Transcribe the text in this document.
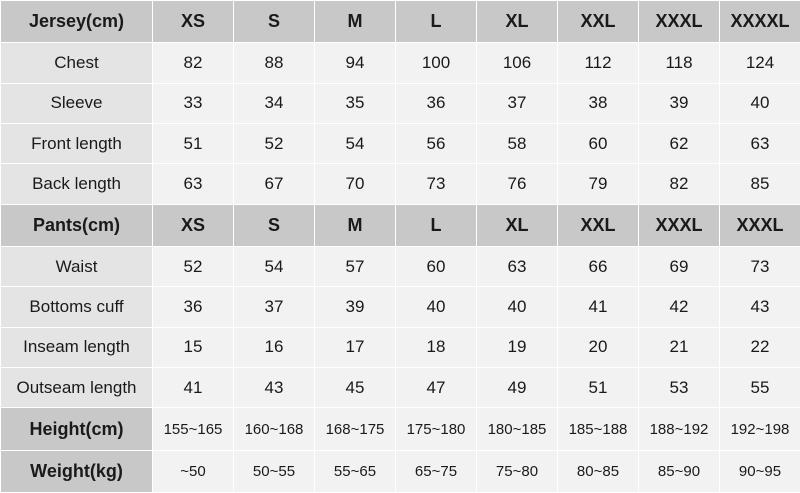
Jersey(cm)	XS	S	M	L	XL	XXL	XXXL	XXXXL
Chest	82	88	94	100	106	112	118	124
Sleeve	33	34	35	36	37	38	39	40
Front length	51	52	54	56	58	60	62	63
Back length	63	67	70	73	76	79	82	85
Pants(cm)	XS	S	M	L	XL	XXL	XXXL	XXXL
Waist	52	54	57	60	63	66	69	73
Bottoms cuff	36	37	39	40	40	41	42	43
Inseam length	15	16	17	18	19	20	21	22
Outseam length	41	43	45	47	49	51	53	55
Height(cm)	155~165	160~168	168~175	175~180	180~185	185~188	188~192	192~198
Weight(kg)	~50	50~55	55~65	65~75	75~80	80~85	85~90	90~95
